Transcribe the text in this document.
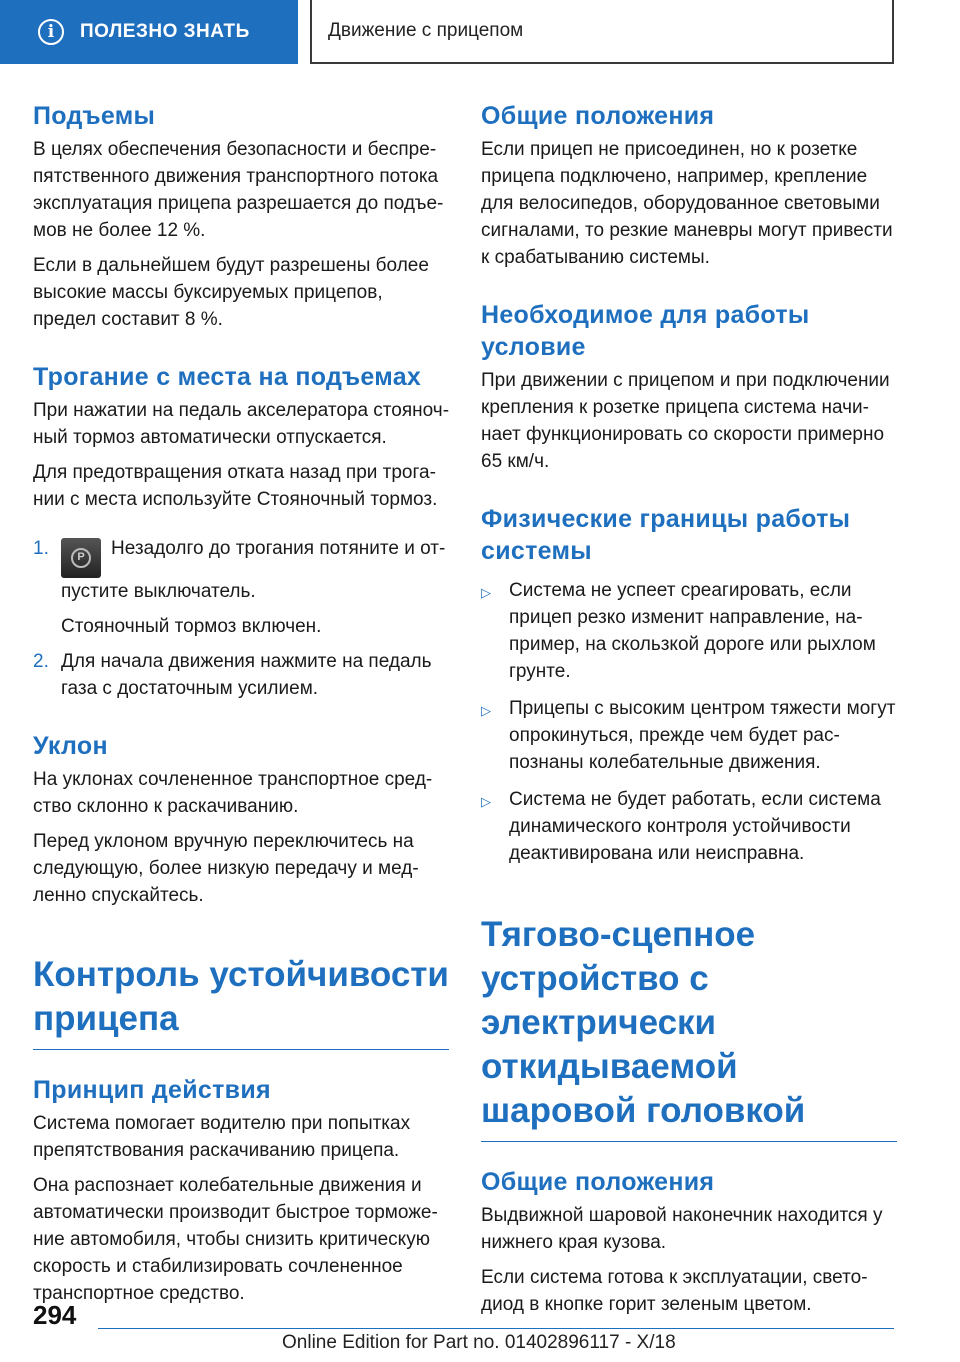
i	ПОЛЕЗНО ЗНАТЬ	Движение с прицепом
Подъемы

В целях обеспечения безопасности и беспрепятственного движения транспортного потока эксплуатация прицепа разрешается до подъемов не более 12 %.

Если в дальнейшем будут разрешены более высокие массы буксируемых прицепов, предел составит 8 %.

Трогание с места на подъемах

При нажатии на педаль акселератора стояночный тормоз автоматически отпускается.

Для предотвращения отката назад при трогании с места используйте Стояночный тормоз.

1.	P	Незадолго до трогания потяните и отпустите выключатель.
Стояночный тормоз включен.
2. Для начала движения нажмите на педаль газа с достаточным усилием.
Уклон

На уклонах сочлененное транспортное средство склонно к раскачиванию.

Перед уклоном вручную переключитесь на следующую, более низкую передачу и медленно спускайтесь.

Контроль устойчивости прицепа
Принцип действия

Система помогает водителю при попытках препятствования раскачиванию прицепа.

Она распознает колебательные движения и автоматически производит быстрое торможение автомобиля, чтобы снизить критическую скорость и стабилизировать сочлененное транспортное средство.

Общие положения

Если прицеп не присоединен, но к розетке прицепа подключено, например, крепление для велосипедов, оборудованное световыми сигналами, то резкие маневры могут привести к срабатыванию системы.

Необходимое для работы условие

При движении с прицепом и при подключении крепления к розетке прицепа система начинает функционировать со скорости примерно 65 км/ч.

Физические границы работы системы
▷ Система не успеет среагировать, если прицеп резко изменит направление, например, на скользкой дороге или рыхлом грунте.
▷ Прицепы с высоким центром тяжести могут опрокинуться, прежде чем будет распознаны колебательные движения.
▷ Система не будет работать, если система динамического контроля устойчивости деактивирована или неисправна.
Тягово-сцепное устройство с электрически откидываемой шаровой головкой
Общие положения

Выдвижной шаровой наконечник находится у нижнего края кузова.

Если система готова к эксплуатации, светодиод в кнопке горит зеленым цветом.

294
Online Edition for Part no. 01402896117 - X/18
